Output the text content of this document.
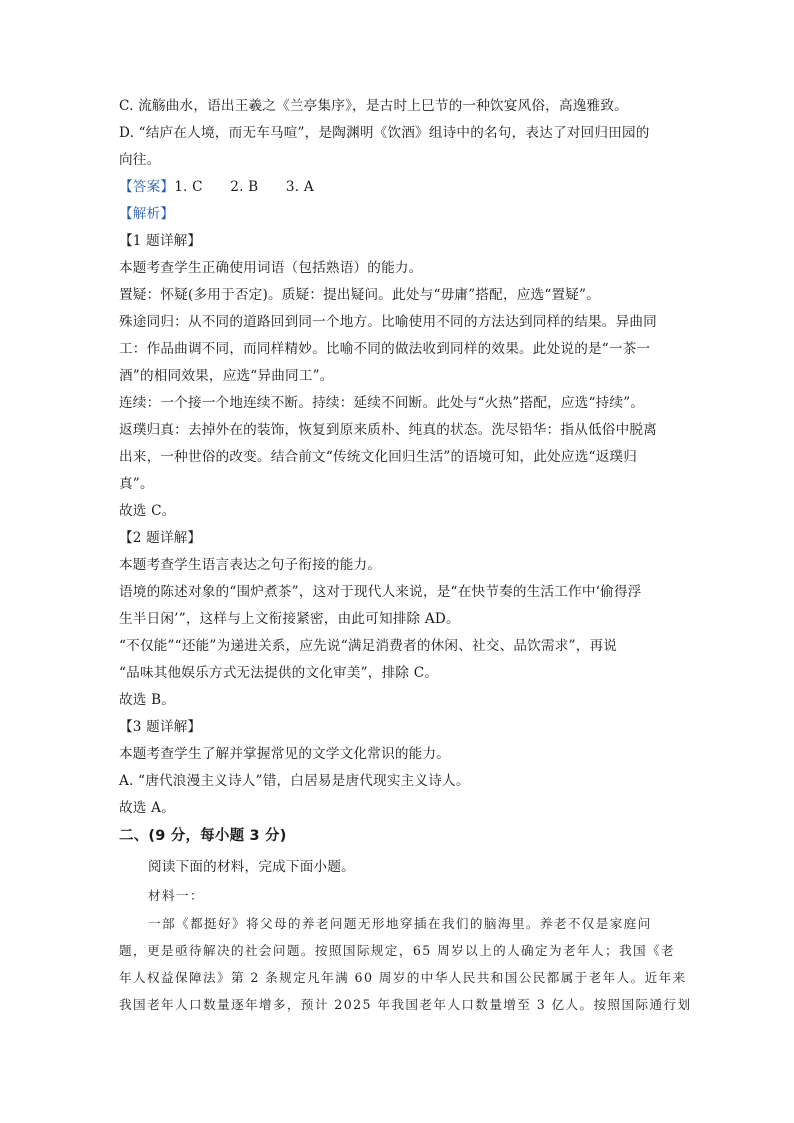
C. 流觞曲水，语出王羲之《兰亭集序》，是古时上巳节的一种饮宴风俗，高逸雅致。
D. “结庐在人境，而无车马喧”，是陶渊明《饮酒》组诗中的名句，表达了对回归田园的
向往。
【答案】1. C　　2. B　　3. A
【解析】
【1 题详解】
本题考查学生正确使用词语（包括熟语）的能力。
置疑：怀疑(多用于否定)。质疑：提出疑问。此处与“毋庸”搭配，应选“置疑”。
殊途同归：从不同的道路回到同一个地方。比喻使用不同的方法达到同样的结果。异曲同
工：作品曲调不同，而同样精妙。比喻不同的做法收到同样的效果。此处说的是“一茶一
酒”的相同效果，应选“异曲同工”。
连续：一个接一个地连续不断。持续：延续不间断。此处与“火热”搭配，应选“持续”。
返璞归真：去掉外在的装饰，恢复到原来质朴、纯真的状态。洗尽铅华：指从低俗中脱离
出来，一种世俗的改变。结合前文“传统文化回归生活”的语境可知，此处应选“返璞归
真”。
故选 C。
【2 题详解】
本题考查学生语言表达之句子衔接的能力。
语境的陈述对象的“围炉煮茶”，这对于现代人来说，是“在快节奏的生活工作中‘偷得浮
生半日闲’”，这样与上文衔接紧密，由此可知排除 AD。
“不仅能”“还能”为递进关系，应先说“满足消费者的休闲、社交、品饮需求”，再说
“品味其他娱乐方式无法提供的文化审美”，排除 C。
故选 B。
【3 题详解】
本题考查学生了解并掌握常见的文学文化常识的能力。
A. “唐代浪漫主义诗人”错，白居易是唐代现实主义诗人。
故选 A。
二、(9 分，每小题 3 分)
阅读下面的材料，完成下面小题。
材料一：
一部《都挺好》将父母的养老问题无形地穿插在我们的脑海里。养老不仅是家庭问
题，更是亟待解决的社会问题。按照国际规定，65 周岁以上的人确定为老年人；我国《老
年人权益保障法》第 2 条规定凡年满 60 周岁的中华人民共和国公民都属于老年人。近年来
我国老年人口数量逐年增多，预计 2025 年我国老年人口数量增至 3 亿人。按照国际通行划
